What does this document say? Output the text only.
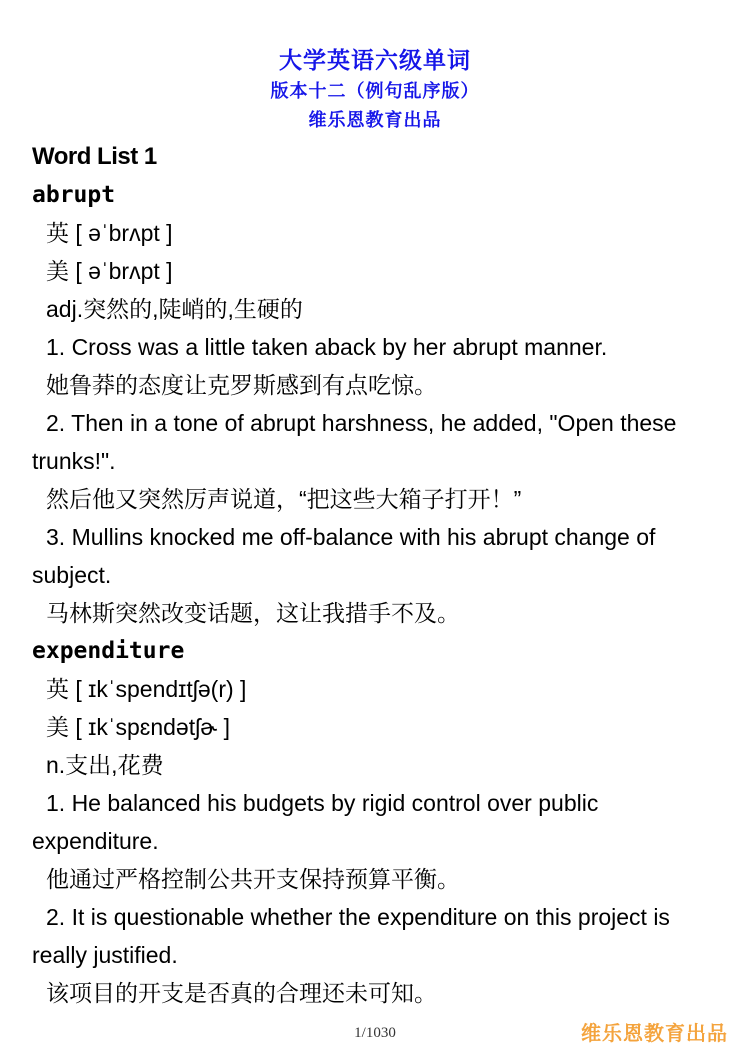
大学英语六级单词
版本十二（例句乱序版）
维乐恩教育出品
Word List 1
abrupt
英 [ əˈbrʌpt ]
美 [ əˈbrʌpt ]
adj.突然的,陡峭的,生硬的
1. Cross was a little taken aback by her abrupt manner.
她鲁莽的态度让克罗斯感到有点吃惊。
2. Then in a tone of abrupt harshness, he added, "Open these trunks!".
然后他又突然厉声说道，“把这些大箱子打开！”
3. Mullins knocked me off-balance with his abrupt change of subject.
马林斯突然改变话题，这让我措手不及。
expenditure
英 [ ɪkˈspendɪtʃə(r) ]
美 [ ɪkˈspɛndətʃɚ ]
n.支出,花费
1. He balanced his budgets by rigid control over public expenditure.
他通过严格控制公共开支保持预算平衡。
2. It is questionable whether the expenditure on this project is really justified.
该项目的开支是否真的合理还未可知。
1/1030	维乐恩教育出品
